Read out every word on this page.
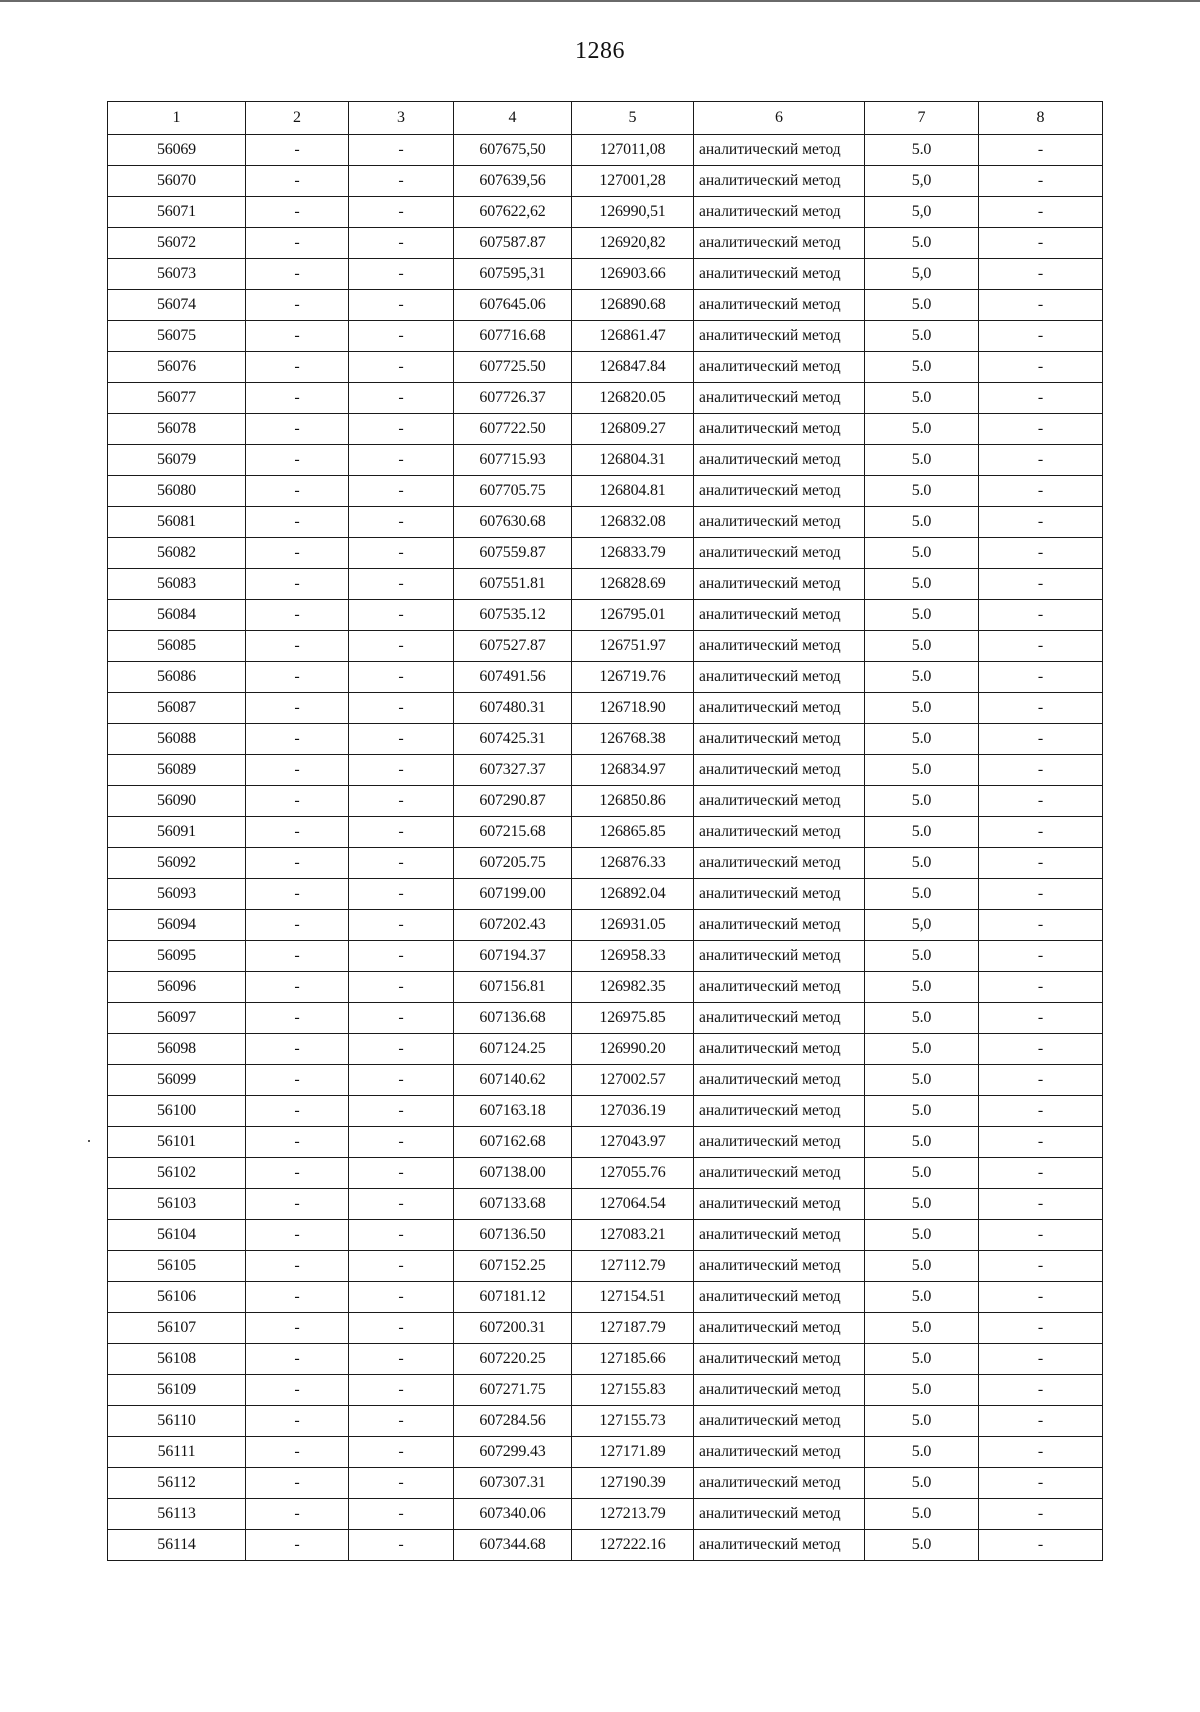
1286
1	2	3	4	5	6	7	8
56069	-	-	607675,50	127011,08	аналитический метод	5.0	-
56070	-	-	607639,56	127001,28	аналитический метод	5,0	-
56071	-	-	607622,62	126990,51	аналитический метод	5,0	-
56072	-	-	607587.87	126920,82	аналитический метод	5.0	-
56073	-	-	607595,31	126903.66	аналитический метод	5,0	-
56074	-	-	607645.06	126890.68	аналитический метод	5.0	-
56075	-	-	607716.68	126861.47	аналитический метод	5.0	-
56076	-	-	607725.50	126847.84	аналитический метод	5.0	-
56077	-	-	607726.37	126820.05	аналитический метод	5.0	-
56078	-	-	607722.50	126809.27	аналитический метод	5.0	-
56079	-	-	607715.93	126804.31	аналитический метод	5.0	-
56080	-	-	607705.75	126804.81	аналитический метод	5.0	-
56081	-	-	607630.68	126832.08	аналитический метод	5.0	-
56082	-	-	607559.87	126833.79	аналитический метод	5.0	-
56083	-	-	607551.81	126828.69	аналитический метод	5.0	-
56084	-	-	607535.12	126795.01	аналитический метод	5.0	-
56085	-	-	607527.87	126751.97	аналитический метод	5.0	-
56086	-	-	607491.56	126719.76	аналитический метод	5.0	-
56087	-	-	607480.31	126718.90	аналитический метод	5.0	-
56088	-	-	607425.31	126768.38	аналитический метод	5.0	-
56089	-	-	607327.37	126834.97	аналитический метод	5.0	-
56090	-	-	607290.87	126850.86	аналитический метод	5.0	-
56091	-	-	607215.68	126865.85	аналитический метод	5.0	-
56092	-	-	607205.75	126876.33	аналитический метод	5.0	-
56093	-	-	607199.00	126892.04	аналитический метод	5.0	-
56094	-	-	607202.43	126931.05	аналитический метод	5,0	-
56095	-	-	607194.37	126958.33	аналитический метод	5.0	-
56096	-	-	607156.81	126982.35	аналитический метод	5.0	-
56097	-	-	607136.68	126975.85	аналитический метод	5.0	-
56098	-	-	607124.25	126990.20	аналитический метод	5.0	-
56099	-	-	607140.62	127002.57	аналитический метод	5.0	-
56100	-	-	607163.18	127036.19	аналитический метод	5.0	-
56101	-	-	607162.68	127043.97	аналитический метод	5.0	-
56102	-	-	607138.00	127055.76	аналитический метод	5.0	-
56103	-	-	607133.68	127064.54	аналитический метод	5.0	-
56104	-	-	607136.50	127083.21	аналитический метод	5.0	-
56105	-	-	607152.25	127112.79	аналитический метод	5.0	-
56106	-	-	607181.12	127154.51	аналитический метод	5.0	-
56107	-	-	607200.31	127187.79	аналитический метод	5.0	-
56108	-	-	607220.25	127185.66	аналитический метод	5.0	-
56109	-	-	607271.75	127155.83	аналитический метод	5.0	-
56110	-	-	607284.56	127155.73	аналитический метод	5.0	-
56111	-	-	607299.43	127171.89	аналитический метод	5.0	-
56112	-	-	607307.31	127190.39	аналитический метод	5.0	-
56113	-	-	607340.06	127213.79	аналитический метод	5.0	-
56114	-	-	607344.68	127222.16	аналитический метод	5.0	-
